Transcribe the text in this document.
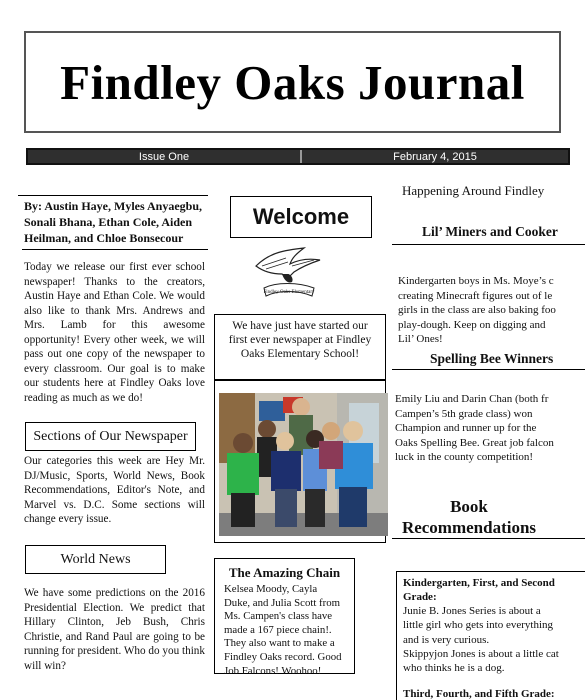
Findley Oaks Journal
Issue One	February 4, 2015
By: Austin Haye, Myles Anyaegbu, Sonali Bhana, Ethan Cole, Aiden Heilman, and Chloe Bonsecour
Today we release our first ever school newspaper! Thanks to the creators, Austin Haye and Ethan Cole. We would also like to thank Mrs. Andrews and Mrs. Lamb for this awesome opportunity! Every other week, we will pass out one copy of the newspaper to every classroom. Our goal is to make our students here at Findley Oaks love reading as much as we do!
Sections of Our Newspaper
Our categories this week are Hey Mr. DJ/Music, Sports, World News, Book Recommendations, Editor's Note, and Marvel vs. D.C. Some sections will change every issue.
World News
We have some predictions on the 2016 Presidential Election. We predict that Hillary Clinton, Jeb Bush, Chris Christie, and Rand Paul are going to be running for president. Who do you think will win?
Welcome
Findley Oaks Elementary
We have just have started our first ever newspaper at Findley Oaks Elementary School!
The Amazing Chain
Kelsea Moody, Cayla Duke, and Julia Scott from Ms. Campen's class have made a 167 piece chain!. They also want to make a Findley Oaks record. Good Job Falcons! Woohoo!
Happening Around Findley
Lil’ Miners and Cooker
Kindergarten boys in Ms. Moye’s c
creating Minecraft figures out of le
girls in the class are also baking foo
play-dough. Keep on digging and
Lil’ Ones!
Spelling Bee Winners
Emily Liu and Darin Chan (both fr
Campen’s 5th grade class) won
Champion and runner up for the
Oaks Spelling Bee. Great job falcon
luck in the county competition!
Book Recommendations
Kindergarten, First, and Second Grade:
Junie B. Jones Series is about a
little girl who gets into everything
and is very curious.
Skippyjon Jones is about a little cat
who thinks he is a dog.
Third, Fourth, and Fifth Grade:
